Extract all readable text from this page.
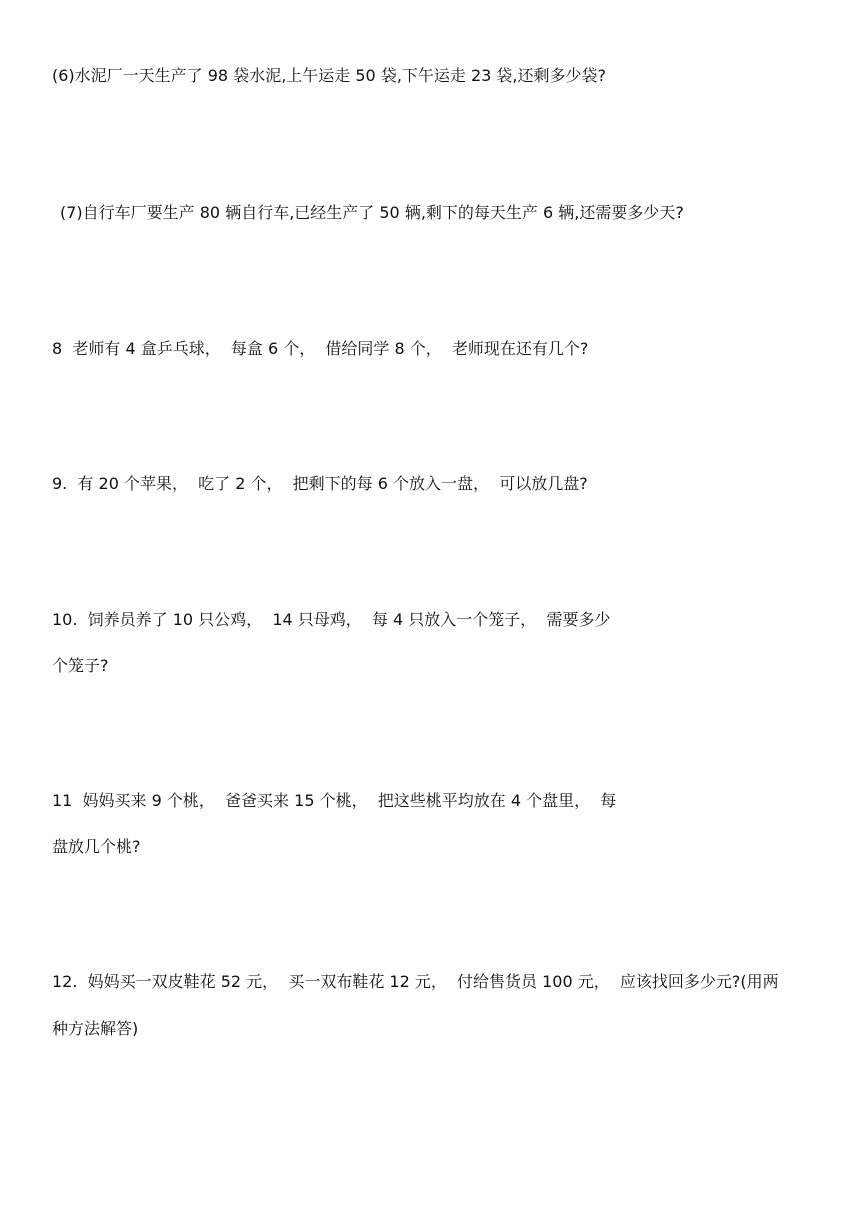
(6)水泥厂一天生产了 98 袋水泥,上午运走 50 袋,下午运走 23 袋,还剩多少袋?
(7)自行车厂要生产 80 辆自行车,已经生产了 50 辆,剩下的每天生产 6 辆,还需要多少天?
8  老师有 4 盒乒乓球，  每盒 6 个，  借给同学 8 个，  老师现在还有几个?
9.  有 20 个苹果，  吃了 2 个，  把剩下的每 6 个放入一盘，  可以放几盘?
10.  饲养员养了 10 只公鸡，  14 只母鸡，  每 4 只放入一个笼子，  需要多少
个笼子?
11  妈妈买来 9 个桃，  爸爸买来 15 个桃，  把这些桃平均放在 4 个盘里，  每
盘放几个桃?
12.  妈妈买一双皮鞋花 52 元，  买一双布鞋花 12 元，  付给售货员 100 元，  应该找回多少元?(用两
种方法解答)
